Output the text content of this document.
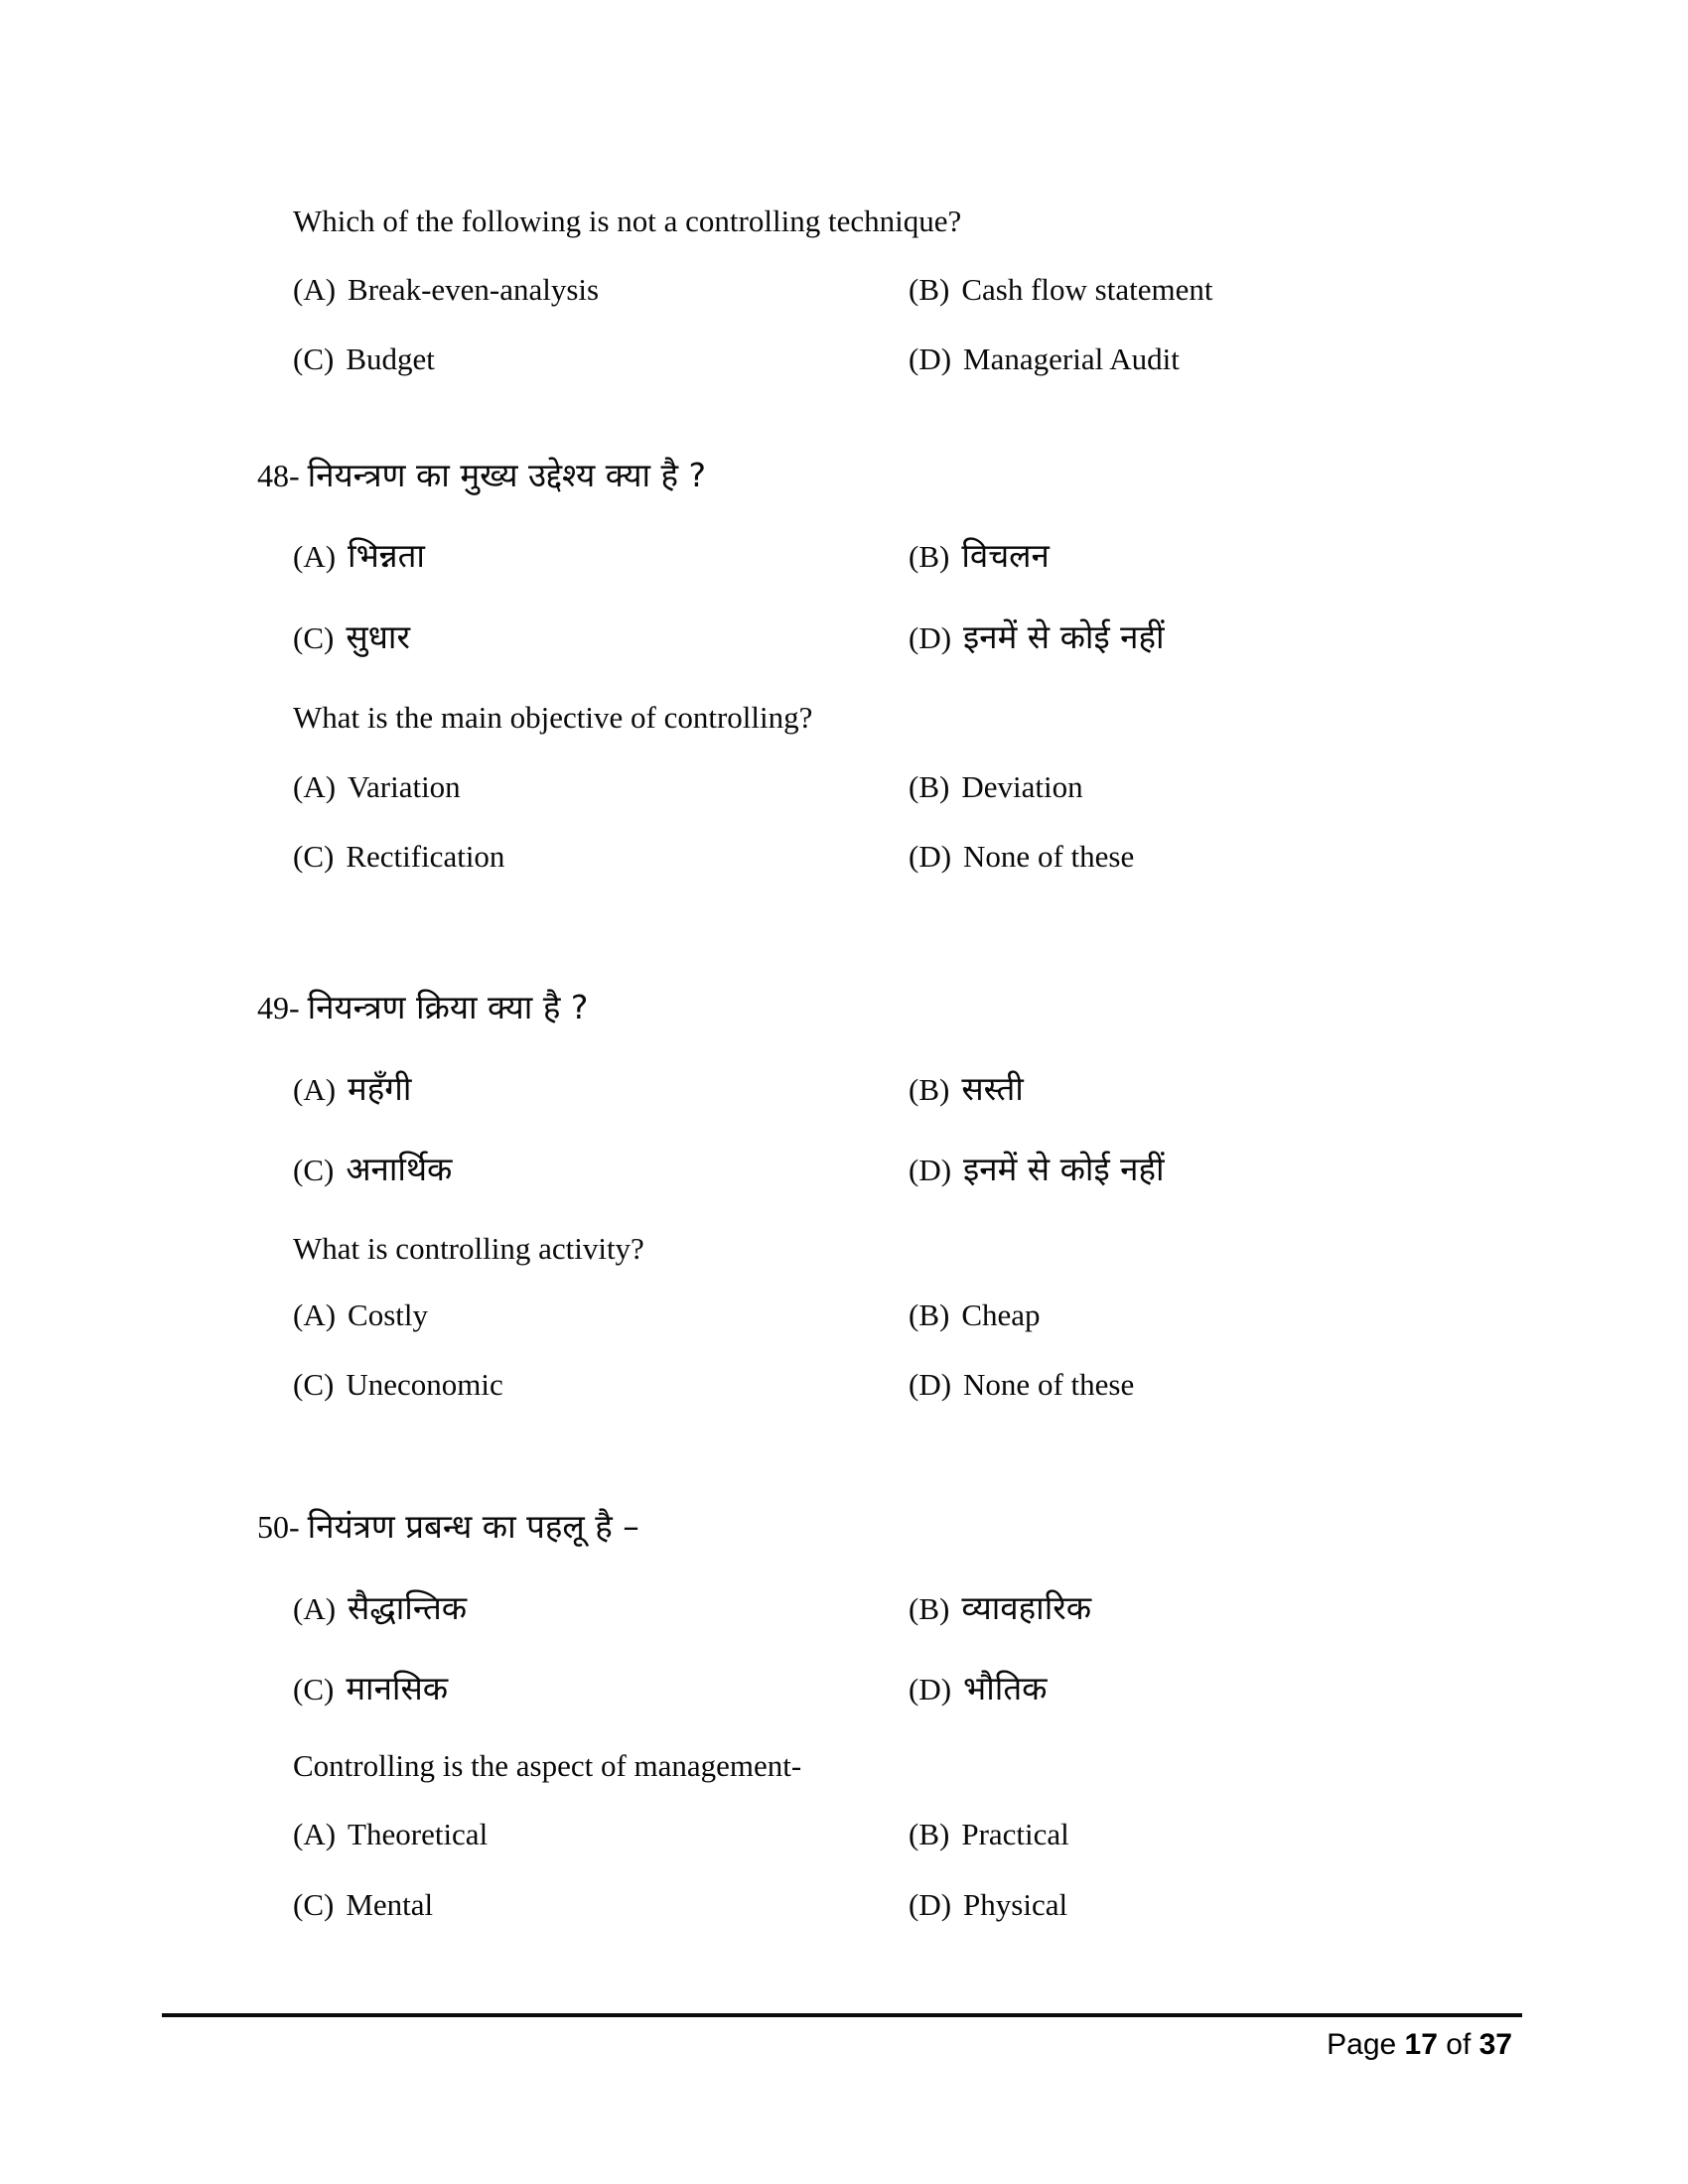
Which of the following is not a controlling technique?
(A) Break-even-analysis	(B) Cash flow statement
(C) Budget	(D) Managerial Audit
48- नियन्त्रण का मुख्य उद्देश्य क्या है ?
(A) भिन्नता	(B) विचलन
(C) सुधार	(D) इनमें से कोई नहीं
What is the main objective of controlling?
(A) Variation	(B) Deviation
(C) Rectification	(D) None of these
49- नियन्त्रण क्रिया क्या है ?
(A) महँगी	(B) सस्ती
(C) अनार्थिक	(D) इनमें से कोई नहीं
What is controlling activity?
(A) Costly	(B) Cheap
(C) Uneconomic	(D) None of these
50- नियंत्रण प्रबन्ध का पहलू है –
(A) सैद्धान्तिक	(B) व्यावहारिक
(C) मानसिक	(D) भौतिक
Controlling is the aspect of management-
(A) Theoretical	(B) Practical
(C) Mental	(D) Physical
Page 17 of 37
